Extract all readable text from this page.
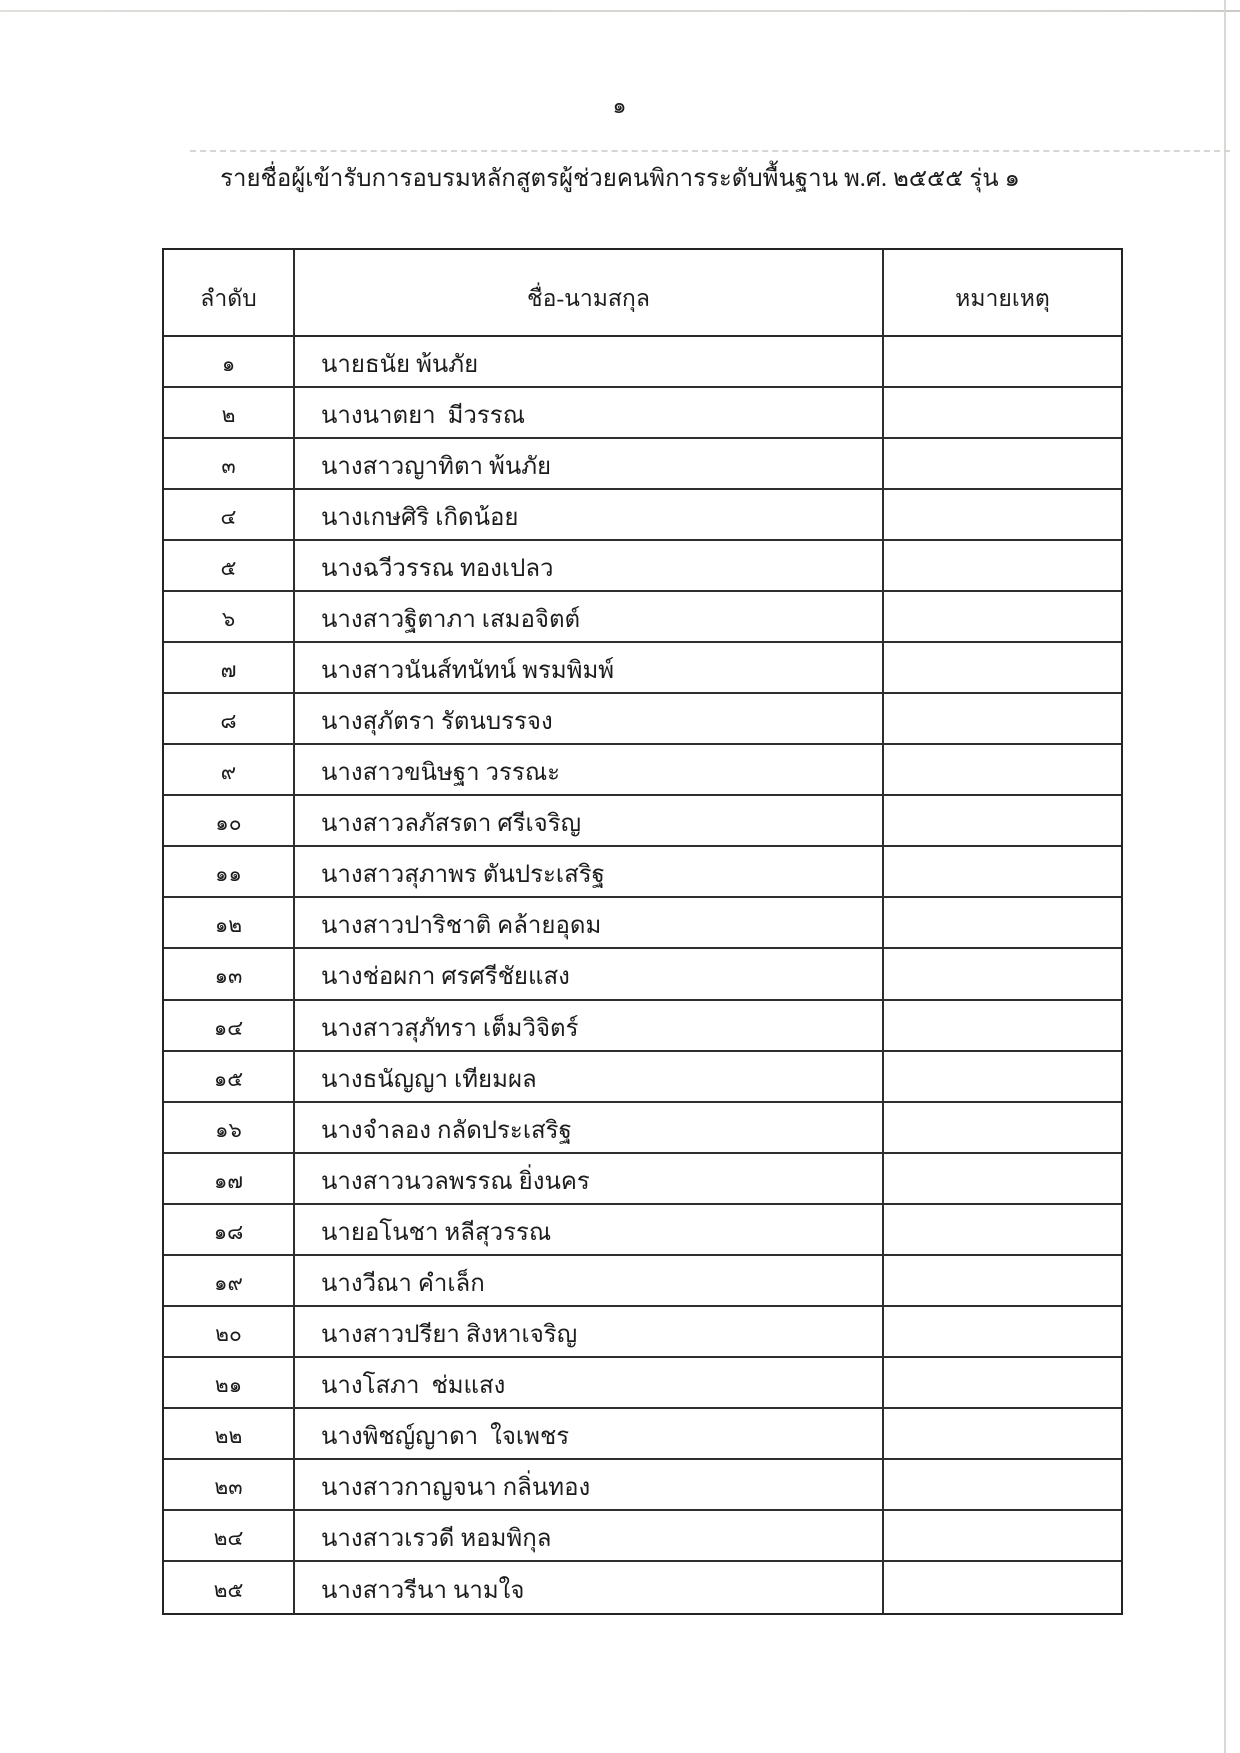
๑
รายชื่อผู้เข้ารับการอบรมหลักสูตรผู้ช่วยคนพิการระดับพื้นฐาน พ.ศ. ๒๕๕๕ รุ่น ๑
ลำดับ	ชื่อ-นามสกุล	หมายเหตุ
๑	นายธนัย พ้นภัย
๒	นางนาตยา  มีวรรณ
๓	นางสาวญาทิตา พ้นภัย
๔	นางเกษศิริ เกิดน้อย
๕	นางฉวีวรรณ ทองเปลว
๖	นางสาวฐิตาภา เสมอจิตต์
๗	นางสาวนันส์ทนัทน์ พรมพิมพ์
๘	นางสุภัตรา รัตนบรรจง
๙	นางสาวขนิษฐา วรรณะ
๑๐	นางสาวลภัสรดา ศรีเจริญ
๑๑	นางสาวสุภาพร ตันประเสริฐ
๑๒	นางสาวปาริชาติ คล้ายอุดม
๑๓	นางช่อผกา ศรศรีชัยแสง
๑๔	นางสาวสุภัทรา เต็มวิจิตร์
๑๕	นางธนัญญา เทียมผล
๑๖	นางจำลอง กลัดประเสริฐ
๑๗	นางสาวนวลพรรณ ยิ่งนคร
๑๘	นายอโนชา หลีสุวรรณ
๑๙	นางวีณา คำเล็ก
๒๐	นางสาวปรียา สิงหาเจริญ
๒๑	นางโสภา  ช่มแสง
๒๒	นางพิชญ์ญาดา  ใจเพชร
๒๓	นางสาวกาญจนา กลิ่นทอง
๒๔	นางสาวเรวดี หอมพิกุล
๒๕	นางสาวรีนา นามใจ
